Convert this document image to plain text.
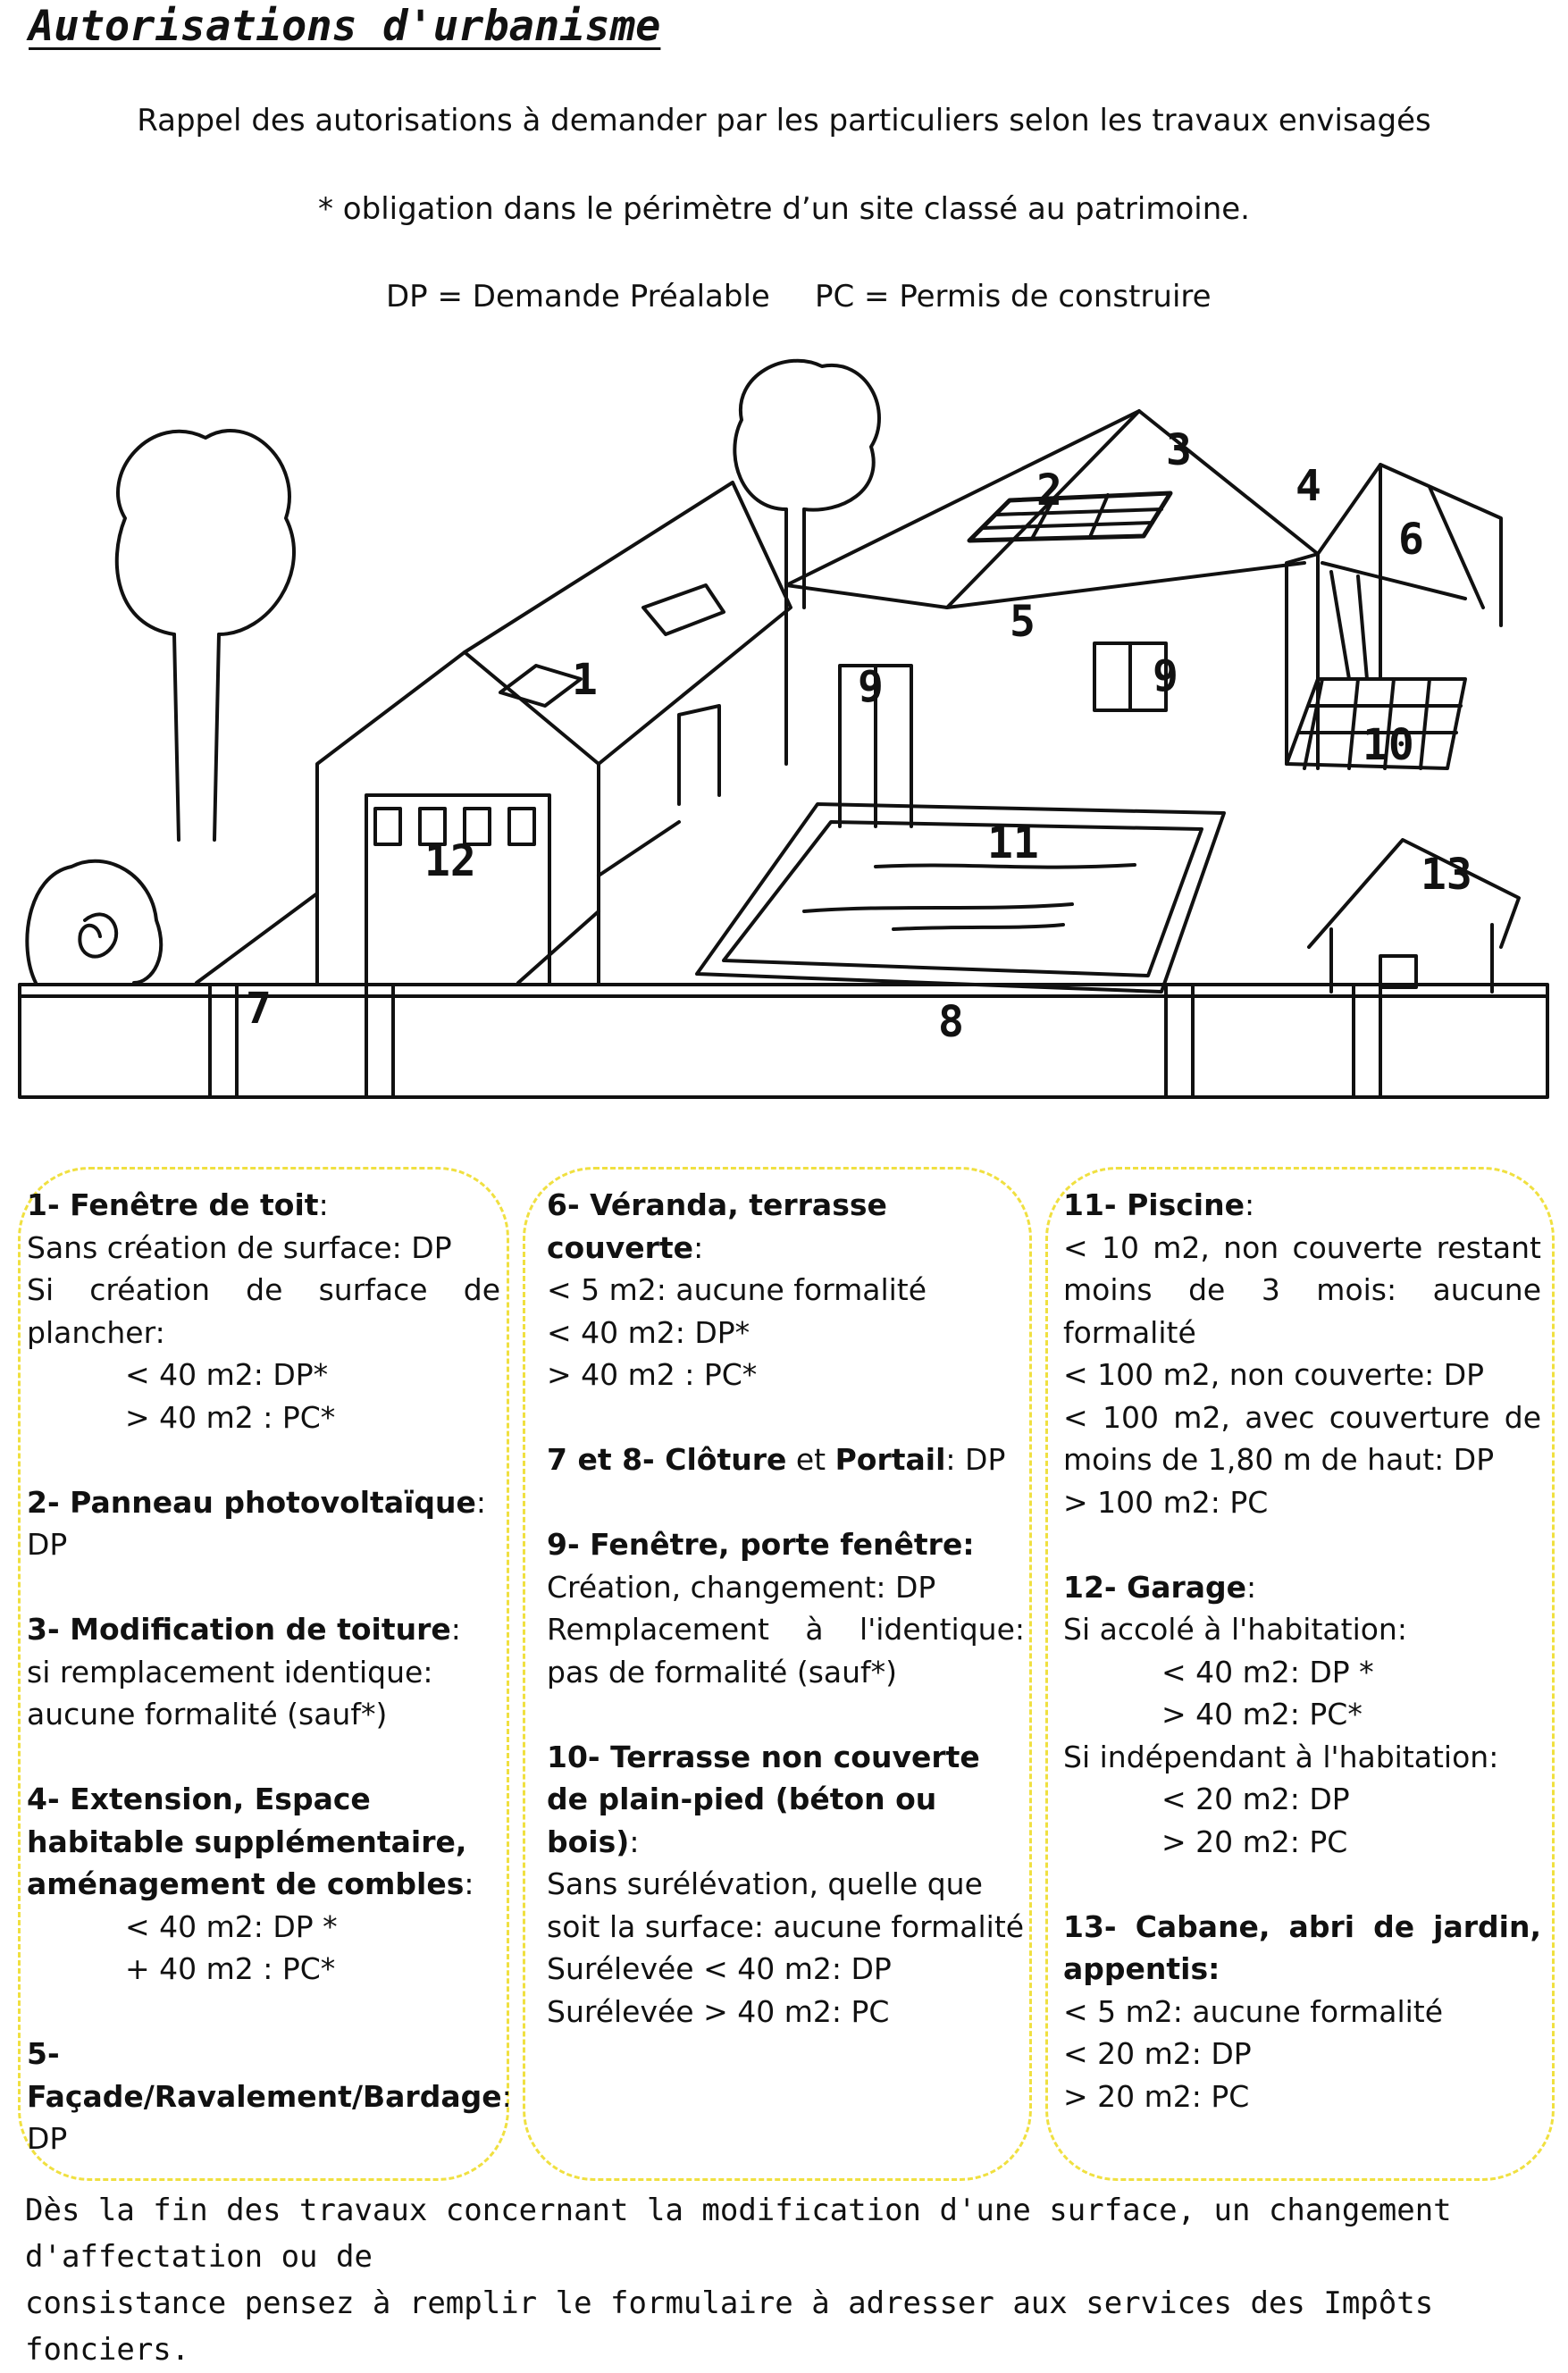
Autorisations d'urbanisme
Rappel des autorisations à demander par les particuliers selon les travaux envisagés
* obligation dans le périmètre d’un site classé au patrimoine.
DP = Demande Préalable PC = Permis de construire
1
2
3
4
5
6
7	8
9	9
10
11
12	13

1- Fenêtre de toit:

Sans création de surface: DP

Si création de surface de plancher:

< 40 m2: DP*

> 40 m2 : PC*

2- Panneau photovoltaïque: DP

3- Modification de toiture:

si remplacement identique: aucune formalité (sauf*)

4- Extension, Espace habitable supplémentaire, aménagement de combles:

< 40 m2: DP *

+ 40 m2 : PC*

5- Façade/Ravalement/Bardage:

DP

6- Véranda, terrasse couverte:

< 5 m2: aucune formalité

< 40 m2: DP*

> 40 m2 : PC*

7 et 8- Clôture et Portail: DP

9- Fenêtre, porte fenêtre:

Création, changement: DP

Remplacement à l'identique: pas de formalité (sauf*)

10- Terrasse non couverte de plain-pied (béton ou bois):

Sans surélévation, quelle que soit la surface: aucune formalité

Surélevée < 40 m2: DP

Surélevée > 40 m2: PC

11- Piscine:

< 10 m2, non couverte restant moins de 3 mois: aucune formalité

< 100 m2, non couverte: DP

< 100 m2, avec couverture de moins de 1,80 m de haut: DP

> 100 m2: PC

12- Garage:

Si accolé à l'habitation:

< 40 m2: DP *

> 40 m2: PC*

Si indépendant à l'habitation:

< 20 m2: DP

> 20 m2: PC

13- Cabane, abri de jardin, appentis:

< 5 m2: aucune formalité

< 20 m2: DP

> 20 m2: PC

Dès la fin des travaux concernant la modification d'une surface, un changement d'affectation ou de

consistance pensez à remplir le formulaire à adresser aux services des Impôts fonciers.
